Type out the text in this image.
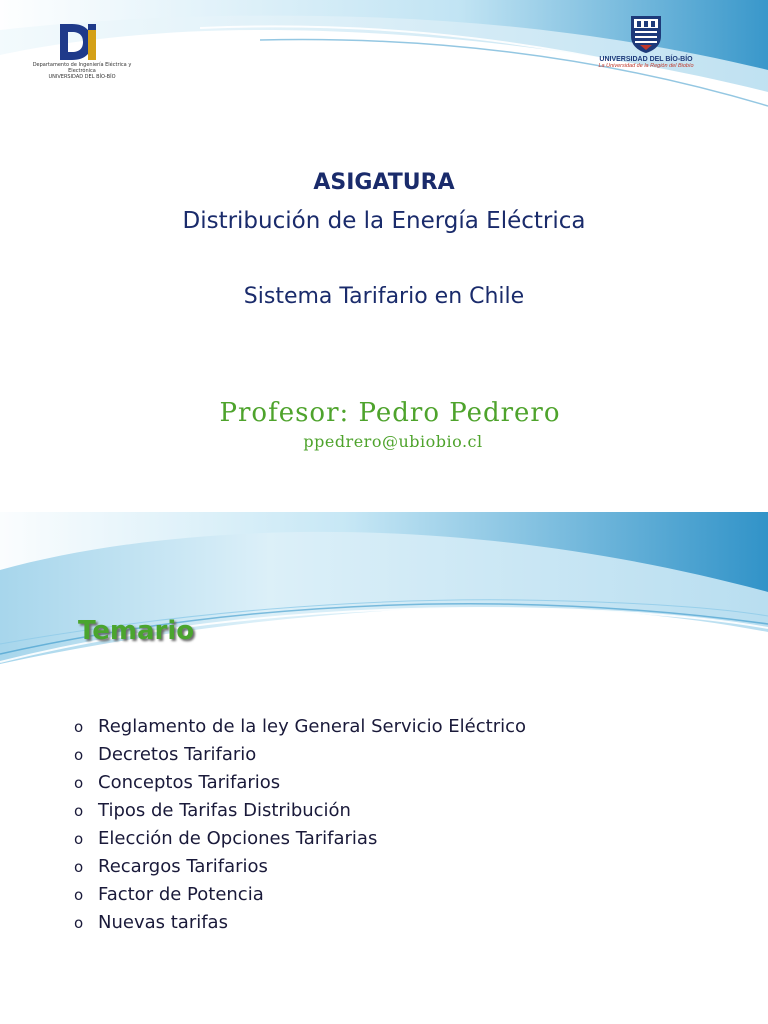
Departamento de Ingeniería Eléctrica y Electrónica
UNIVERSIDAD DEL BÍO-BÍO
UNIVERSIDAD DEL BÍO-BÍO
La Universidad de la Región del Biobío
ASIGATURA
Distribución de la Energía Eléctrica
Sistema Tarifario en Chile
Profesor: Pedro Pedrero
ppedrero@ubiobio.cl
Temario
o Reglamento de la ley General Servicio Eléctrico
o Decretos Tarifario
o Conceptos Tarifarios
o Tipos de Tarifas Distribución
o Elección de Opciones Tarifarias
o Recargos Tarifarios
o Factor de Potencia
o Nuevas tarifas
